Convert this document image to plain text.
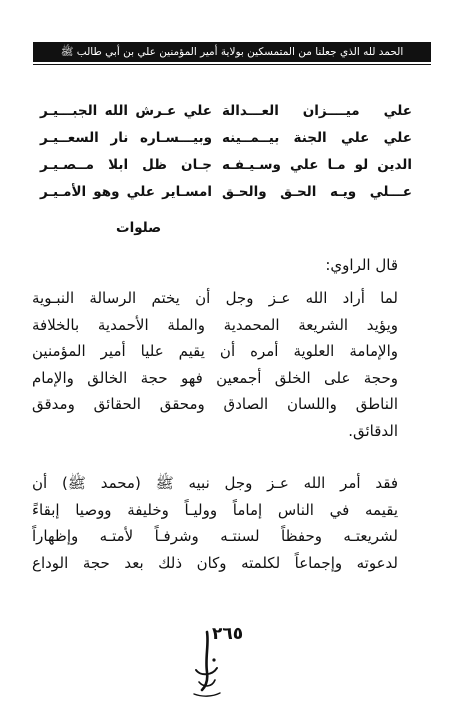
الحمد لله الذي جعلنا من المتمسكين بولاية أمير المؤمنين علي بن أبي طالب ﷺ
علي ميــــزان العـــدالة
علي عـرش الله الجبـــيـر
علي علي الجنة بيــمــينه
وبيـــسـاره نار السعــيـر
الدين لو مـا علي وسـيـفـه
جـان ظل ابلا مــصـيـر
عـــلي ويـه الحـق والحـق
امسـاير علي وهو الأمـيـر
صلوات
قال الراوي:
لما أراد الله عـز وجل أن يختم الرسالة النبـوية
ويؤيد الشريعة المحمدية والملة الأحمدية بالخلافة
والإمامة العلوية أمره أن يقيم عليا أمير المؤمنين
وحجة على الخلق أجمعين فهو حجة الخالق والإمام
الناطق واللسان الصادق ومحقق الحقائق ومدقق
الدقائق.
فقد أمر الله عـز وجل نبيه ﷺ (محمد ﷺ) أن
يقيمه في الناس إماماً ووليـاً وخليفة ووصيا إبقاءً
لشريعتـه وحفظاً لسنتـه وشرفـاً لأمتـه وإظهاراً
لدعوته وإجماعاً لكلمته وكان ذلك بعد حجة الوداع
٢٦٥
